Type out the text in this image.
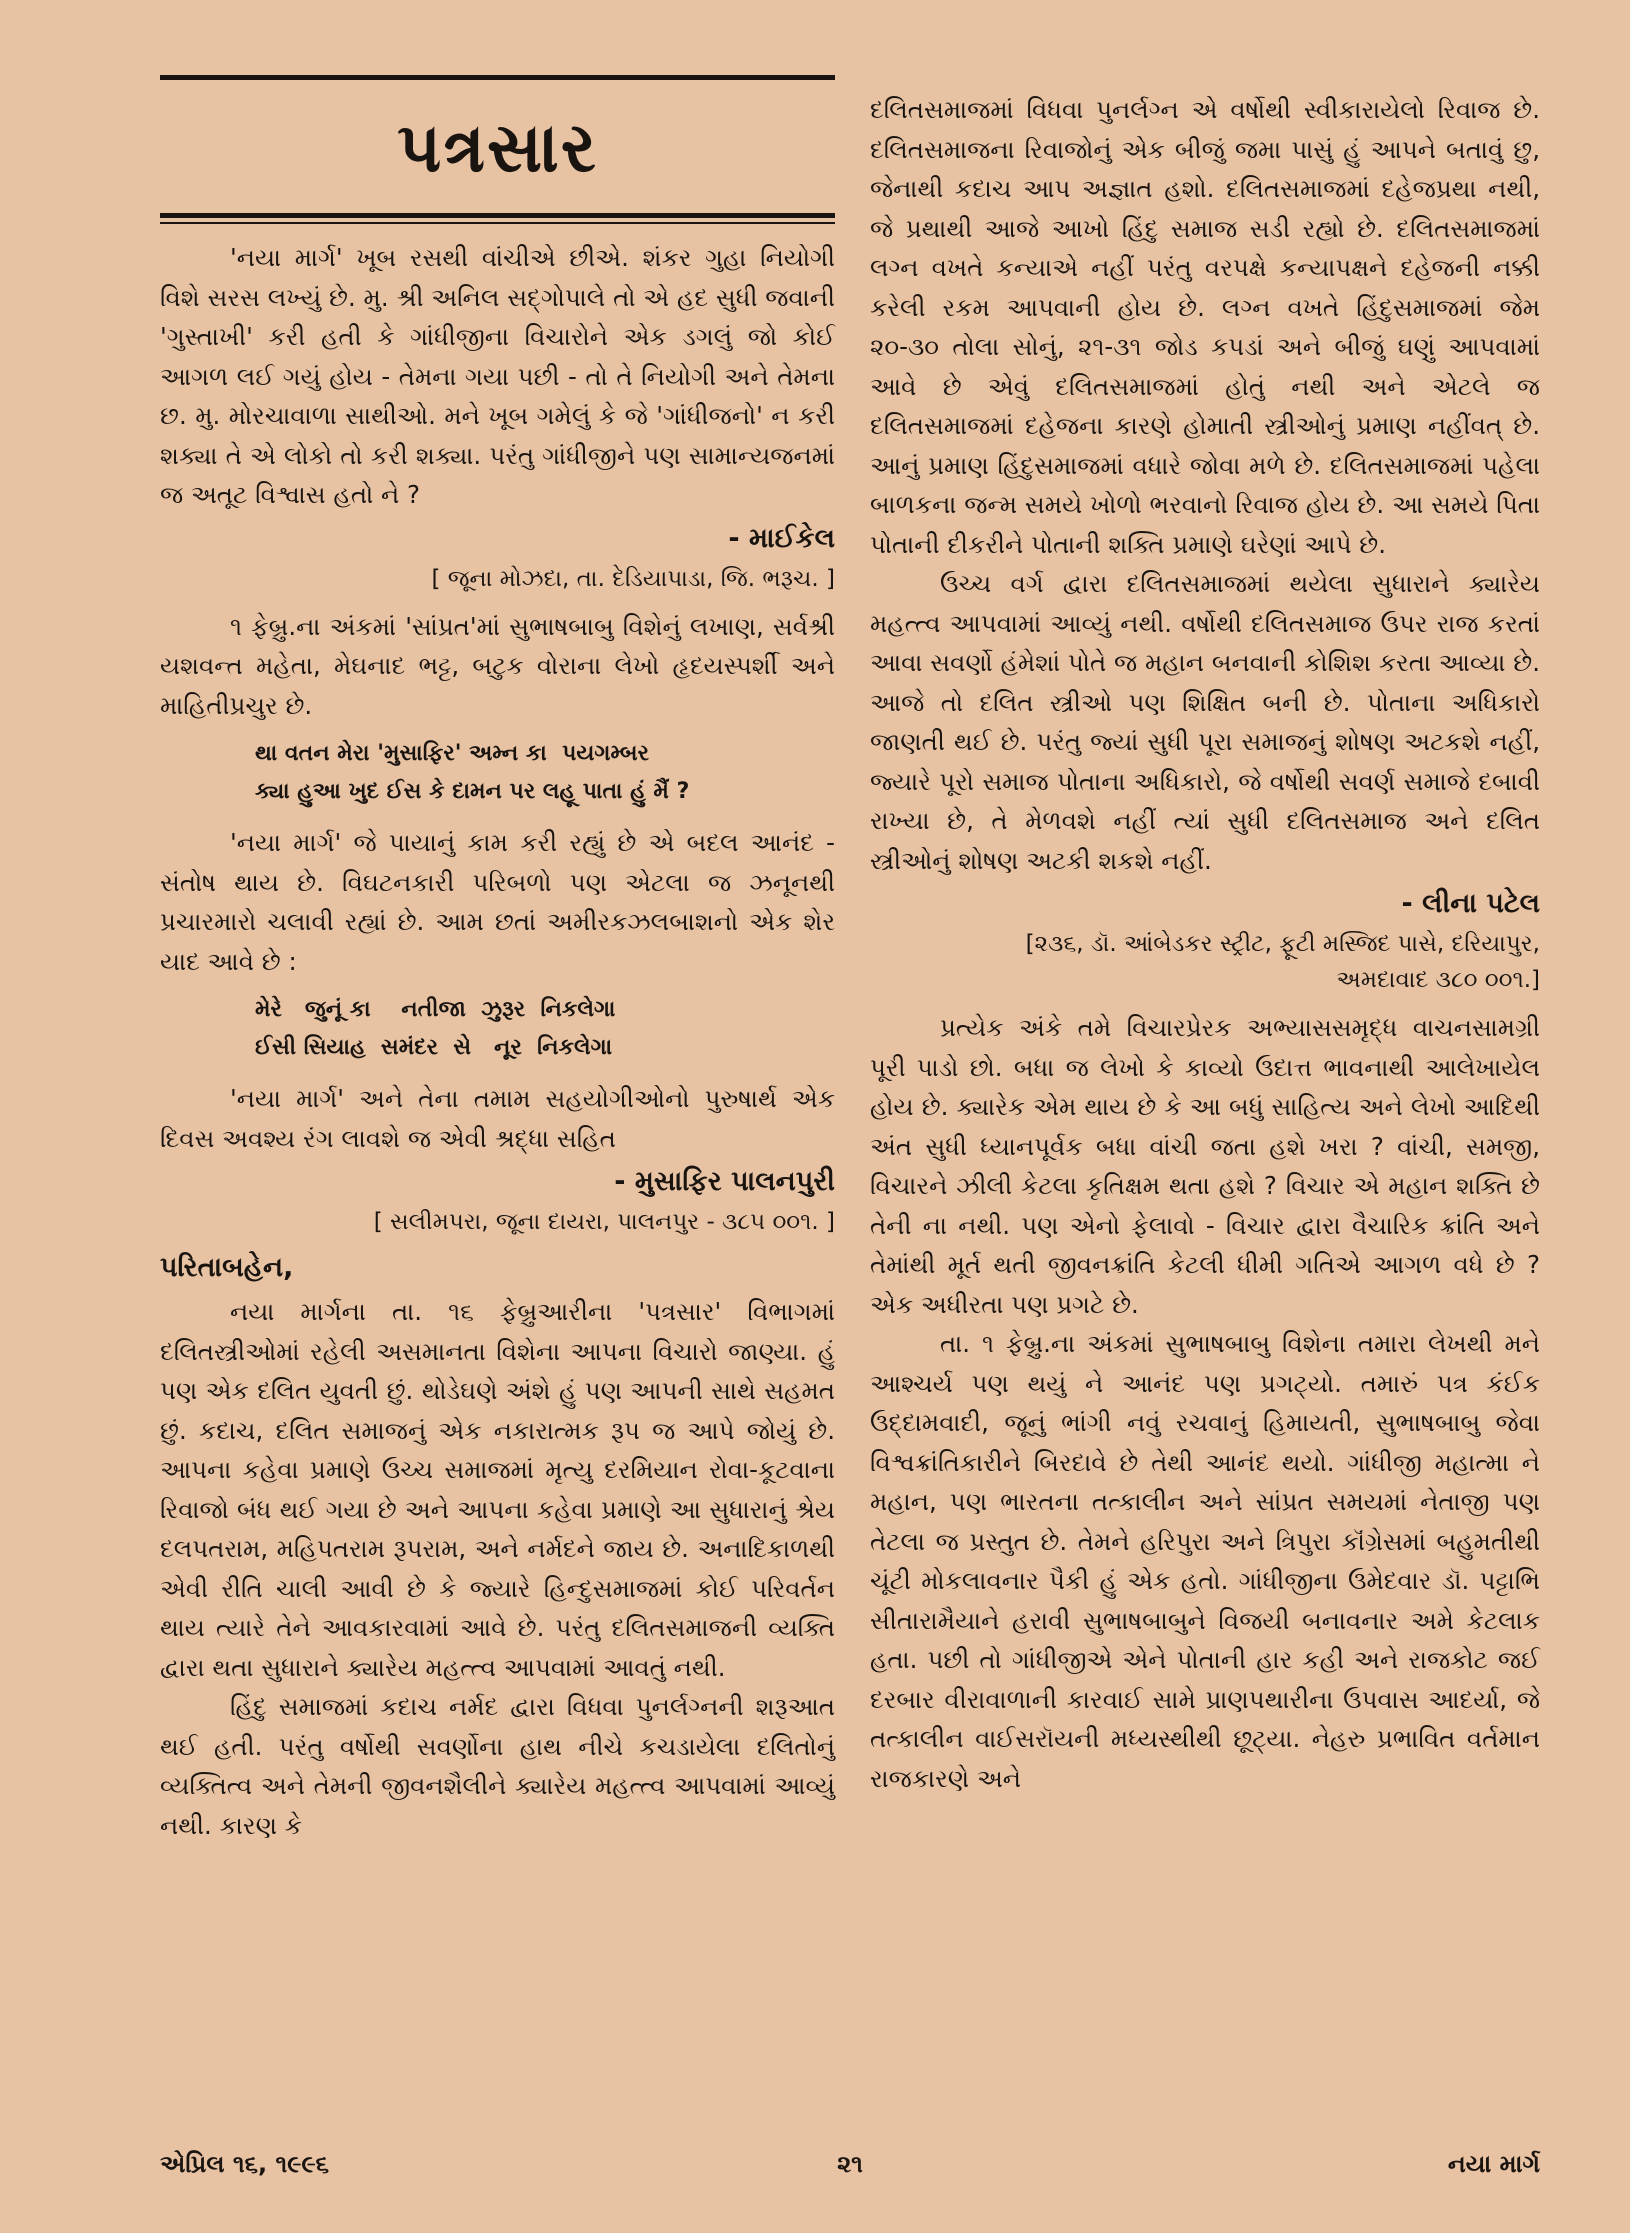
પત્રસાર

'નયા માર્ગ' ખૂબ રસથી વાંચીએ છીએ. શંકર ગુહા નિયોગી વિશે સરસ લખ્યું છે. મુ. શ્રી અનિલ સદ્ગોપાલે તો એ હદ સુધી જવાની 'ગુસ્તાખી' કરી હતી કે ગાંધીજીના વિચારોને એક ડગલું જો કોઈ આગળ લઈ ગયું હોય - તેમના ગયા પછી - તો તે નિયોગી અને તેમના છ. મુ. મોરચાવાળા સાથીઓ. મને ખૂબ ગમેલું કે જે 'ગાંધીજનો' ન કરી શક્યા તે એ લોકો તો કરી શક્યા. પરંતુ ગાંધીજીને પણ સામાન્યજનમાં જ અતૂટ વિશ્વાસ હતો ને ?

- માઈકેલ
[ જૂના મોઝદા, તા. દેડિયાપાડા, જિ. ભરૂચ. ]

૧ ફેબ્રુ.ના અંકમાં 'સાંપ્રત'માં સુભાષબાબુ વિશેનું લખાણ, સર્વશ્રી યશવન્ત મહેતા, મેઘનાદ ભટ્ટ, બટુક વોરાના લેખો હૃદયસ્પર્શી અને માહિતીપ્રચુર છે.

થા વતન મેરા 'મુસાફિર' અમ્ન કા  પયગમ્બર
ક્યા હુઆ ખુદ ઈસ કે દામન પર લહૂ પાતા હું મૈં ?

'નયા માર્ગ' જે પાયાનું કામ કરી રહ્યું છે એ બદલ આનંદ - સંતોષ થાય છે. વિઘટનકારી પરિબળો પણ એટલા જ ઝનૂનથી પ્રચારમારો ચલાવી રહ્યાં છે. આમ છતાં અમીરકઝલબાશનો એક શેર યાદ આવે છે :

મેરે   જુનૂં કા    નતીજા  ઝુરૂર  નિકલેગા
ઈસી સિયાહ  સમંદર  સે   નૂર  નિકલેગા

'નયા માર્ગ' અને તેના તમામ સહયોગીઓનો પુરુષાર્થ એક દિવસ અવશ્ય રંગ લાવશે જ એવી શ્રદ્ધા સહિત

- મુસાફિર પાલનપુરી
[ સલીમપરા, જૂના દાયરા, પાલનપુર - ૩૮૫ ૦૦૧. ]
પરિતાબહેન,

નયા માર્ગના તા. ૧૬ ફેબ્રુઆરીના 'પત્રસાર' વિભાગમાં દલિતસ્ત્રીઓમાં રહેલી અસમાનતા વિશેના આપના વિચારો જાણ્યા. હું પણ એક દલિત યુવતી છું. થોડેઘણે અંશે હું પણ આપની સાથે સહમત છું. કદાચ, દલિત સમાજનું એક નકારાત્મક રૂપ જ આપે જોયું છે. આપના કહેવા પ્રમાણે ઉચ્ચ સમાજમાં મૃત્યુ દરમિયાન રોવા-કૂટવાના રિવાજો બંધ થઈ ગયા છે અને આપના કહેવા પ્રમાણે આ સુધારાનું શ્રેય દલપતરામ, મહિપતરામ રૂપરામ, અને નર્મદને જાય છે. અનાદિકાળથી એવી રીતિ ચાલી આવી છે કે જ્યારે હિન્દુસમાજમાં કોઈ પરિવર્તન થાય ત્યારે તેને આવકારવામાં આવે છે. પરંતુ દલિતસમાજની વ્યક્તિ દ્વારા થતા સુધારાને ક્યારેય મહત્ત્વ આપવામાં આવતું નથી.

હિંદુ સમાજમાં કદાચ નર્મદ દ્વારા વિધવા પુનર્લગ્નની શરૂઆત થઈ હતી. પરંતુ વર્ષોથી સવર્ણોના હાથ નીચે કચડાયેલા દલિતોનું વ્યક્તિત્વ અને તેમની જીવનશૈલીને ક્યારેય મહત્ત્વ આપવામાં આવ્યું નથી. કારણ કે

દલિતસમાજમાં વિધવા પુનર્લગ્ન એ વર્ષોથી સ્વીકારાયેલો રિવાજ છે. દલિતસમાજના રિવાજોનું એક બીજું જમા પાસું હું આપને બતાવું છુ, જેનાથી કદાચ આપ અજ્ઞાત હશો. દલિતસમાજમાં દહેજપ્રથા નથી, જે પ્રથાથી આજે આખો હિંદુ સમાજ સડી રહ્યો છે. દલિતસમાજમાં લગ્ન વખતે કન્યાએ નહીં પરંતુ વરપક્ષે કન્યાપક્ષને દહેજની નક્કી કરેલી રકમ આપવાની હોય છે. લગ્ન વખતે હિંદુસમાજમાં જેમ ૨૦-૩૦ તોલા સોનું, ૨૧-૩૧ જોડ કપડાં અને બીજું ઘણું આપવામાં આવે છે એવું દલિતસમાજમાં હોતું નથી અને એટલે જ દલિતસમાજમાં દહેજના કારણે હોમાતી સ્ત્રીઓનું પ્રમાણ નહીંવત્ છે. આનું પ્રમાણ હિંદુસમાજમાં વધારે જોવા મળે છે. દલિતસમાજમાં પહેલા બાળકના જન્મ સમયે ખોળો ભરવાનો રિવાજ હોય છે. આ સમયે પિતા પોતાની દીકરીને પોતાની શક્તિ પ્રમાણે ઘરેણાં આપે છે.

ઉચ્ચ વર્ગ દ્વારા દલિતસમાજમાં થયેલા સુધારાને ક્યારેય મહત્ત્વ આપવામાં આવ્યું નથી. વર્ષોથી દલિતસમાજ ઉપર રાજ કરતાં આવા સવર્ણો હંમેશાં પોતે જ મહાન બનવાની કોશિશ કરતા આવ્યા છે. આજે તો દલિત સ્ત્રીઓ પણ શિક્ષિત બની છે. પોતાના અધિકારો જાણતી થઈ છે. પરંતુ જ્યાં સુધી પૂરા સમાજનું શોષણ અટકશે નહીં, જ્યારે પૂરો સમાજ પોતાના અધિકારો, જે વર્ષોથી સવર્ણ સમાજે દબાવી રાખ્યા છે, તે મેળવશે નહીં ત્યાં સુધી દલિતસમાજ અને દલિત સ્ત્રીઓનું શોષણ અટકી શકશે નહીં.

- લીના પટેલ
[૨૩૬, ડૉ. આંબેડકર સ્ટ્રીટ, ફૂટી મસ્જિદ પાસે, દરિયાપુર,
અમદાવાદ ૩૮૦ ૦૦૧.]

પ્રત્યેક અંકે તમે વિચારપ્રેરક અભ્યાસસમૃદ્ધ વાચનસામગ્રી પૂરી પાડો છો. બધા જ લેખો કે કાવ્યો ઉદાત્ત ભાવનાથી આલેખાયેલ હોય છે. ક્યારેક એમ થાય છે કે આ બધું સાહિત્ય અને લેખો આદિથી અંત સુધી ધ્યાનપૂર્વક બધા વાંચી જતા હશે ખરા ? વાંચી, સમજી, વિચારને ઝીલી કેટલા કૃતિક્ષમ થતા હશે ? વિચાર એ મહાન શક્તિ છે તેની ના નથી. પણ એનો ફેલાવો - વિચાર દ્વારા વૈચારિક ક્રાંતિ અને તેમાંથી મૂર્ત થતી જીવનક્રાંતિ કેટલી ધીમી ગતિએ આગળ વધે છે ? એક અધીરતા પણ પ્રગટે છે.

તા. ૧ ફેબ્રુ.ના અંકમાં સુભાષબાબુ વિશેના તમારા લેખથી મને આશ્ચર્ય પણ થયું ને આનંદ પણ પ્રગટ્યો. તમારું પત્ર કંઈક ઉદ્દામવાદી, જૂનું ભાંગી નવું રચવાનું હિમાયતી, સુભાષબાબુ જેવા વિશ્વક્રાંતિકારીને બિરદાવે છે તેથી આનંદ થયો. ગાંધીજી મહાત્મા ને મહાન, પણ ભારતના તત્કાલીન અને સાંપ્રત સમયમાં નેતાજી પણ તેટલા જ પ્રસ્તુત છે. તેમને હરિપુરા અને ત્રિપુરા કૉંગ્રેસમાં બહુમતીથી ચૂંટી મોકલાવનાર પૈકી હું એક હતો. ગાંધીજીના ઉમેદવાર ડૉ. પટ્ટાભિ સીતારામૈયાને હરાવી સુભાષબાબુને વિજયી બનાવનાર અમે કેટલાક હતા. પછી તો ગાંધીજીએ એને પોતાની હાર કહી અને રાજકોટ જઈ દરબાર વીરાવાળાની કારવાઈ સામે પ્રાણપથારીના ઉપવાસ આદર્યા, જે તત્કાલીન વાઈસરૉયની મધ્યસ્થીથી છૂટ્યા. નેહરુ પ્રભાવિત વર્તમાન રાજકારણે અને

એપ્રિલ ૧૬, ૧૯૯૬	૨૧	નયા માર્ગ
